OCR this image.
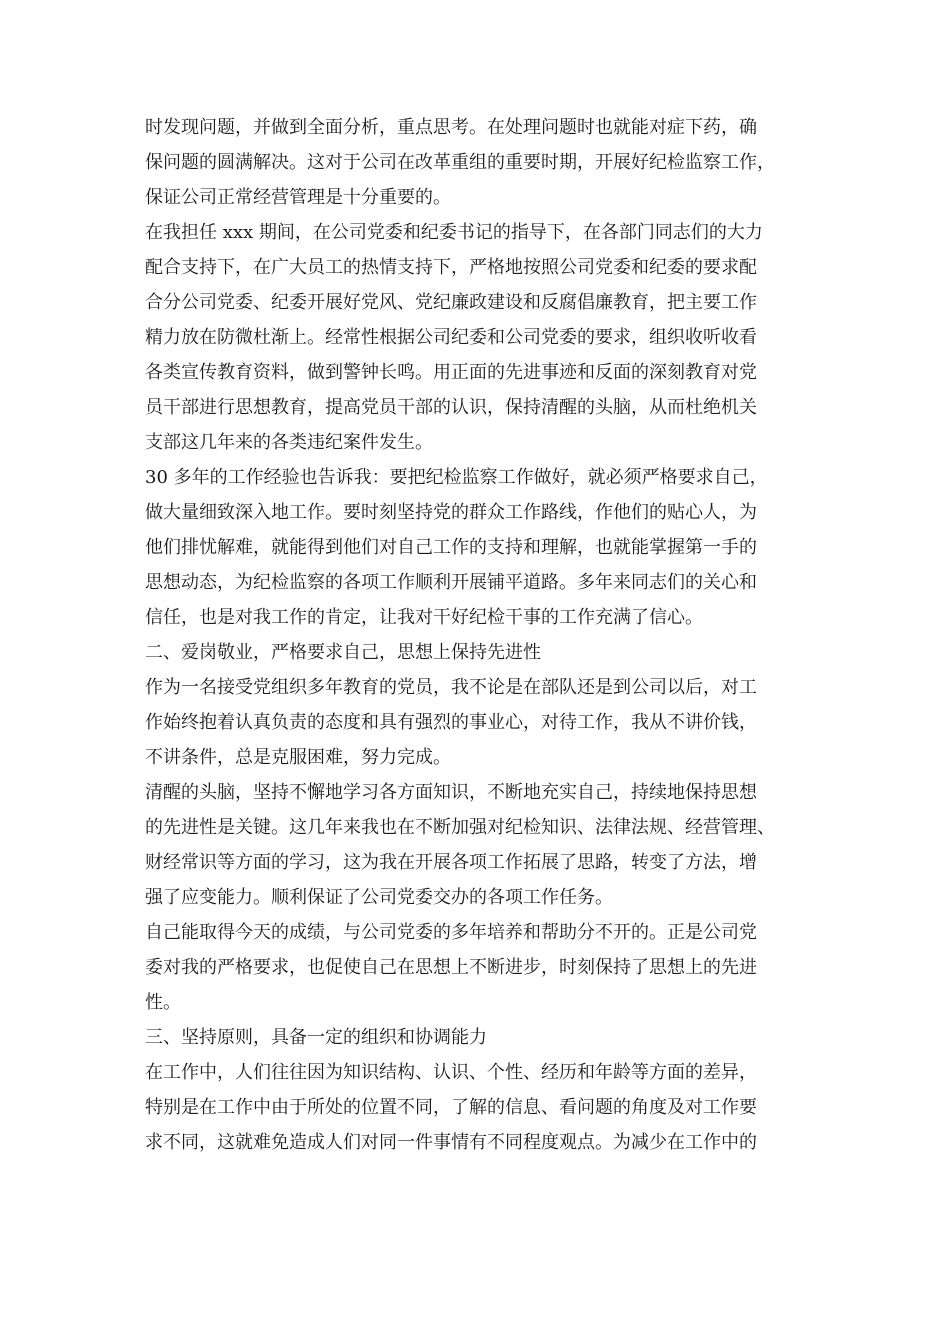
时发现问题，并做到全面分析，重点思考。在处理问题时也就能对症下药，确
保问题的圆满解决。这对于公司在改革重组的重要时期，开展好纪检监察工作，
保证公司正常经营管理是十分重要的。
在我担任 xxx 期间，在公司党委和纪委书记的指导下，在各部门同志们的大力
配合支持下，在广大员工的热情支持下，严格地按照公司党委和纪委的要求配
合分公司党委、纪委开展好党风、党纪廉政建设和反腐倡廉教育，把主要工作
精力放在防微杜渐上。经常性根据公司纪委和公司党委的要求，组织收听收看
各类宣传教育资料，做到警钟长鸣。用正面的先进事迹和反面的深刻教育对党
员干部进行思想教育，提高党员干部的认识，保持清醒的头脑，从而杜绝机关
支部这几年来的各类违纪案件发生。
30 多年的工作经验也告诉我：要把纪检监察工作做好，就必须严格要求自己，
做大量细致深入地工作。要时刻坚持党的群众工作路线，作他们的贴心人，为
他们排忧解难，就能得到他们对自己工作的支持和理解，也就能掌握第一手的
思想动态，为纪检监察的各项工作顺利开展铺平道路。多年来同志们的关心和
信任，也是对我工作的肯定，让我对干好纪检干事的工作充满了信心。
二、爱岗敬业，严格要求自己，思想上保持先进性
作为一名接受党组织多年教育的党员，我不论是在部队还是到公司以后，对工
作始终抱着认真负责的态度和具有强烈的事业心，对待工作，我从不讲价钱，
不讲条件，总是克服困难，努力完成。
清醒的头脑，坚持不懈地学习各方面知识，不断地充实自己，持续地保持思想
的先进性是关键。这几年来我也在不断加强对纪检知识、法律法规、经营管理、
财经常识等方面的学习，这为我在开展各项工作拓展了思路，转变了方法，增
强了应变能力。顺利保证了公司党委交办的各项工作任务。
自己能取得今天的成绩，与公司党委的多年培养和帮助分不开的。正是公司党
委对我的严格要求，也促使自己在思想上不断进步，时刻保持了思想上的先进
性。
三、坚持原则，具备一定的组织和协调能力
在工作中，人们往往因为知识结构、认识、个性、经历和年龄等方面的差异，
特别是在工作中由于所处的位置不同，了解的信息、看问题的角度及对工作要
求不同，这就难免造成人们对同一件事情有不同程度观点。为减少在工作中的
